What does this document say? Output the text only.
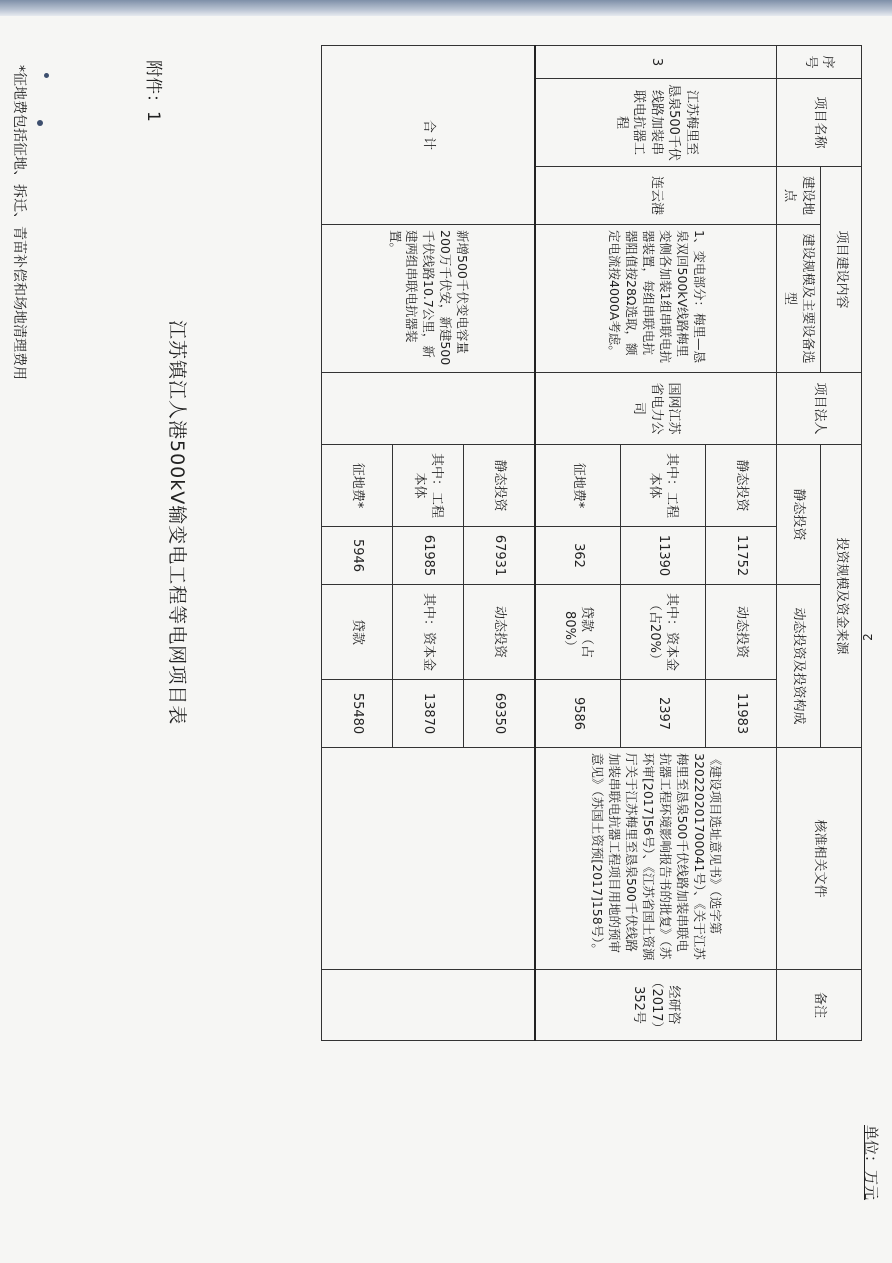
2
江苏镇江人港500kV输变电工程等电网项目表
附件：1
单位：万元
序号	项目名称	项目建设内容		项目法人	投资规模及资金来源				核准相关文件	备注
		建设地点	建设规模及主要设备选型		静态投资		动态投资及投资构成			
3	江苏梅里至恳泉500千伏线路加装串联电抗器工程	连云港	1、变电部分：梅里—恳泉双回500kV线路梅里变侧各加装1组串联电抗器装置，每组串联电抗器阻值按28Ω选取，额定电流按4000A考虑。	国网江苏省电力公司	静态投资	11752	动态投资	11983	《建设项目选址意见书》（选字第320220201700041号）、《关于江苏梅里至恳泉500千伏线路加装串联电抗器工程环境影响报告书的批复》（苏环审[2017]56号）、《江苏省国土资源厅关于江苏梅里至恳泉500千伏线路加装串联电抗器工程项目用地的预审意见》（苏国土资预[2017]158号）。	经研咨（2017）352号
					其中：工程本体	11390	其中：资本金（占20%）	2397		
					征地费*	362	贷款（占80%）	9586		
合 计			新增500千伏变电容量200万千伏安，新建500千伏线路10.7公里，新建两组串联电抗器装置。		静态投资	67931	动态投资	69350		
					其中：工程本体	61985	其中：资本金	13870		
					征地费*	5946	贷款	55480		
*征地费包括征地、拆迁、青苗补偿和场地清理费用
